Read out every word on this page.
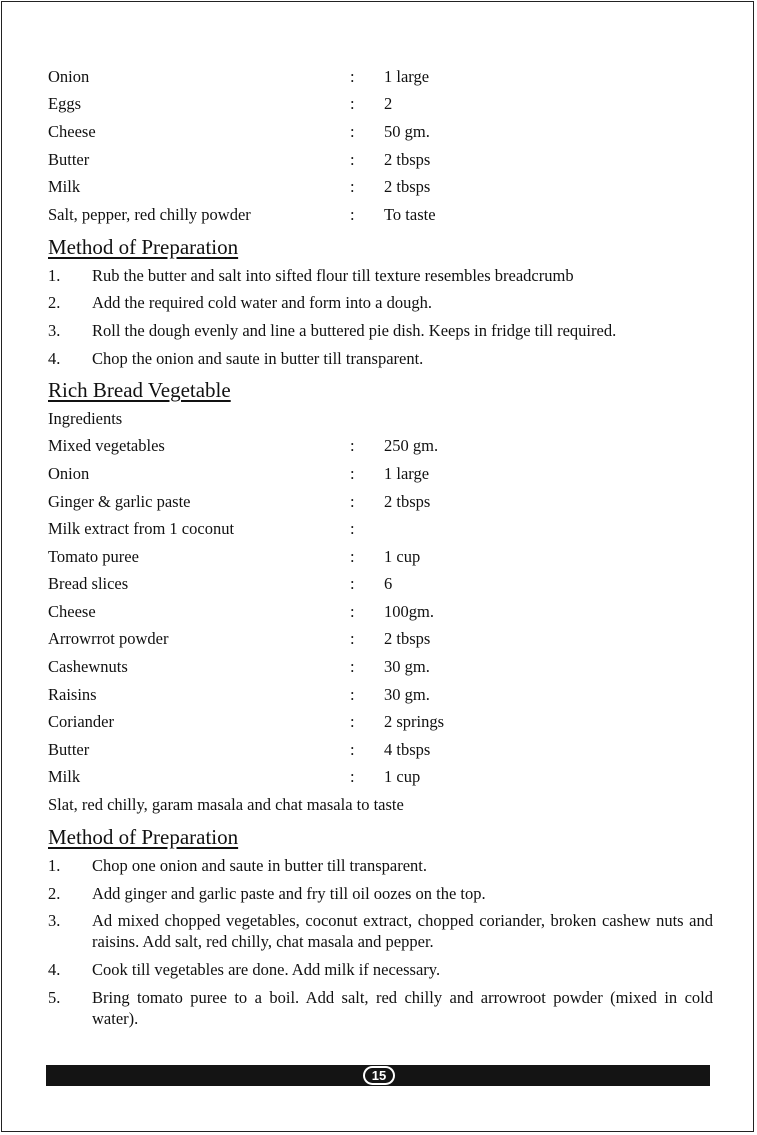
Onion	:	1 large
Eggs	:	2
Cheese	:	50 gm.
Butter	:	2 tbsps
Milk	:	2 tbsps
Salt, pepper, red chilly powder	:	To taste
Method of Preparation
1.	Rub the butter and salt into sifted flour till texture resembles breadcrumb
2.	Add the required cold water and form into a dough.
3.	Roll the dough evenly and line a buttered pie dish. Keeps in fridge till required.
4.	Chop the onion and saute in butter till transparent.
Rich Bread Vegetable
Ingredients
Mixed vegetables	:	250 gm.
Onion	:	1 large
Ginger & garlic paste	:	2 tbsps
Milk extract from 1 coconut	:
Tomato puree	:	1 cup
Bread slices	:	6
Cheese	:	100gm.
Arrowrrot powder	:	2 tbsps
Cashewnuts	:	30 gm.
Raisins	:	30 gm.
Coriander	:	2 springs
Butter	:	4 tbsps
Milk	:	1 cup
Slat, red chilly, garam masala and chat masala to taste
Method of Preparation
1.	Chop one onion and saute in butter till transparent.
2.	Add ginger and garlic paste and fry till oil oozes on the top.
3.	Ad mixed chopped vegetables, coconut extract, chopped coriander, broken cashew nuts and raisins. Add salt, red chilly, chat masala and pepper.
4.	Cook till vegetables are done. Add milk if necessary.
5.	Bring tomato puree to a boil. Add salt, red chilly and arrowroot powder (mixed in cold water).
15
